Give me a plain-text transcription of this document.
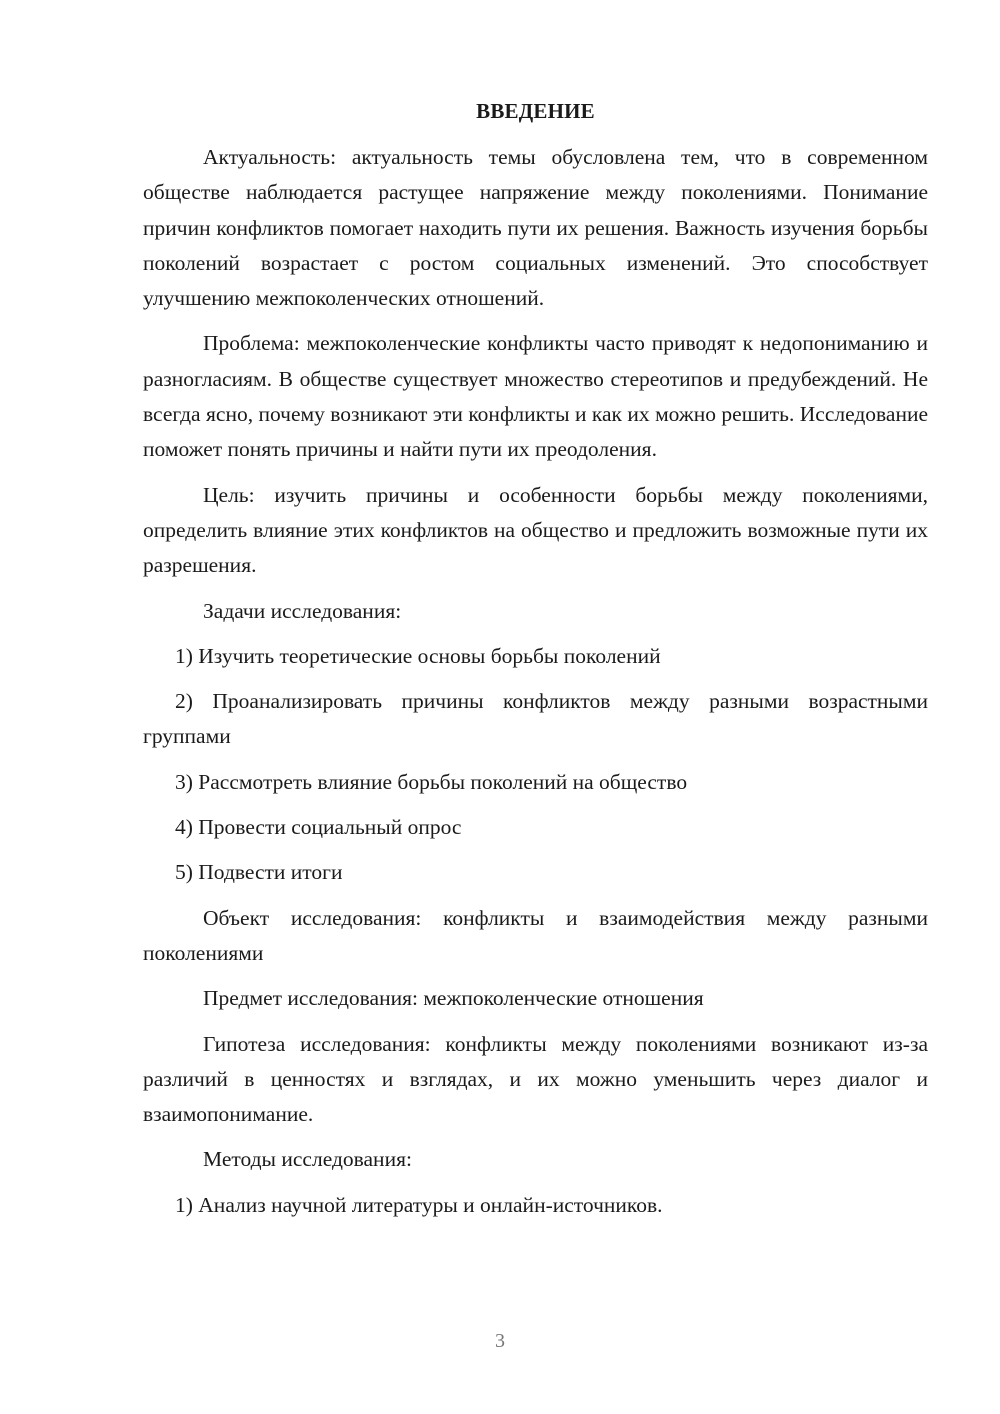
ВВЕДЕНИЕ

Актуальность: актуальность темы обусловлена тем, что в современном обществе наблюдается растущее напряжение между поколениями. Понимание причин конфликтов помогает находить пути их решения. Важность изучения борьбы поколений возрастает с ростом социальных изменений. Это способствует улучшению межпоколенческих отношений.

Проблема: межпоколенческие конфликты часто приводят к недопониманию и разногласиям. В обществе существует множество стереотипов и предубеждений. Не всегда ясно, почему возникают эти конфликты и как их можно решить. Исследование поможет понять причины и найти пути их преодоления.

Цель: изучить причины и особенности борьбы между поколениями, определить влияние этих конфликтов на общество и предложить возможные пути их разрешения.

Задачи исследования:

1) Изучить теоретические основы борьбы поколений

2) Проанализировать причины конфликтов между разными возрастными группами

3) Рассмотреть влияние борьбы поколений на общество

4) Провести социальный опрос

5) Подвести итоги

Объект исследования: конфликты и взаимодействия между разными поколениями

Предмет исследования: межпоколенческие отношения

Гипотеза исследования: конфликты между поколениями возникают из-за различий в ценностях и взглядах, и их можно уменьшить через диалог и взаимопонимание.

Методы исследования:

1) Анализ научной литературы и онлайн-источников.

3
